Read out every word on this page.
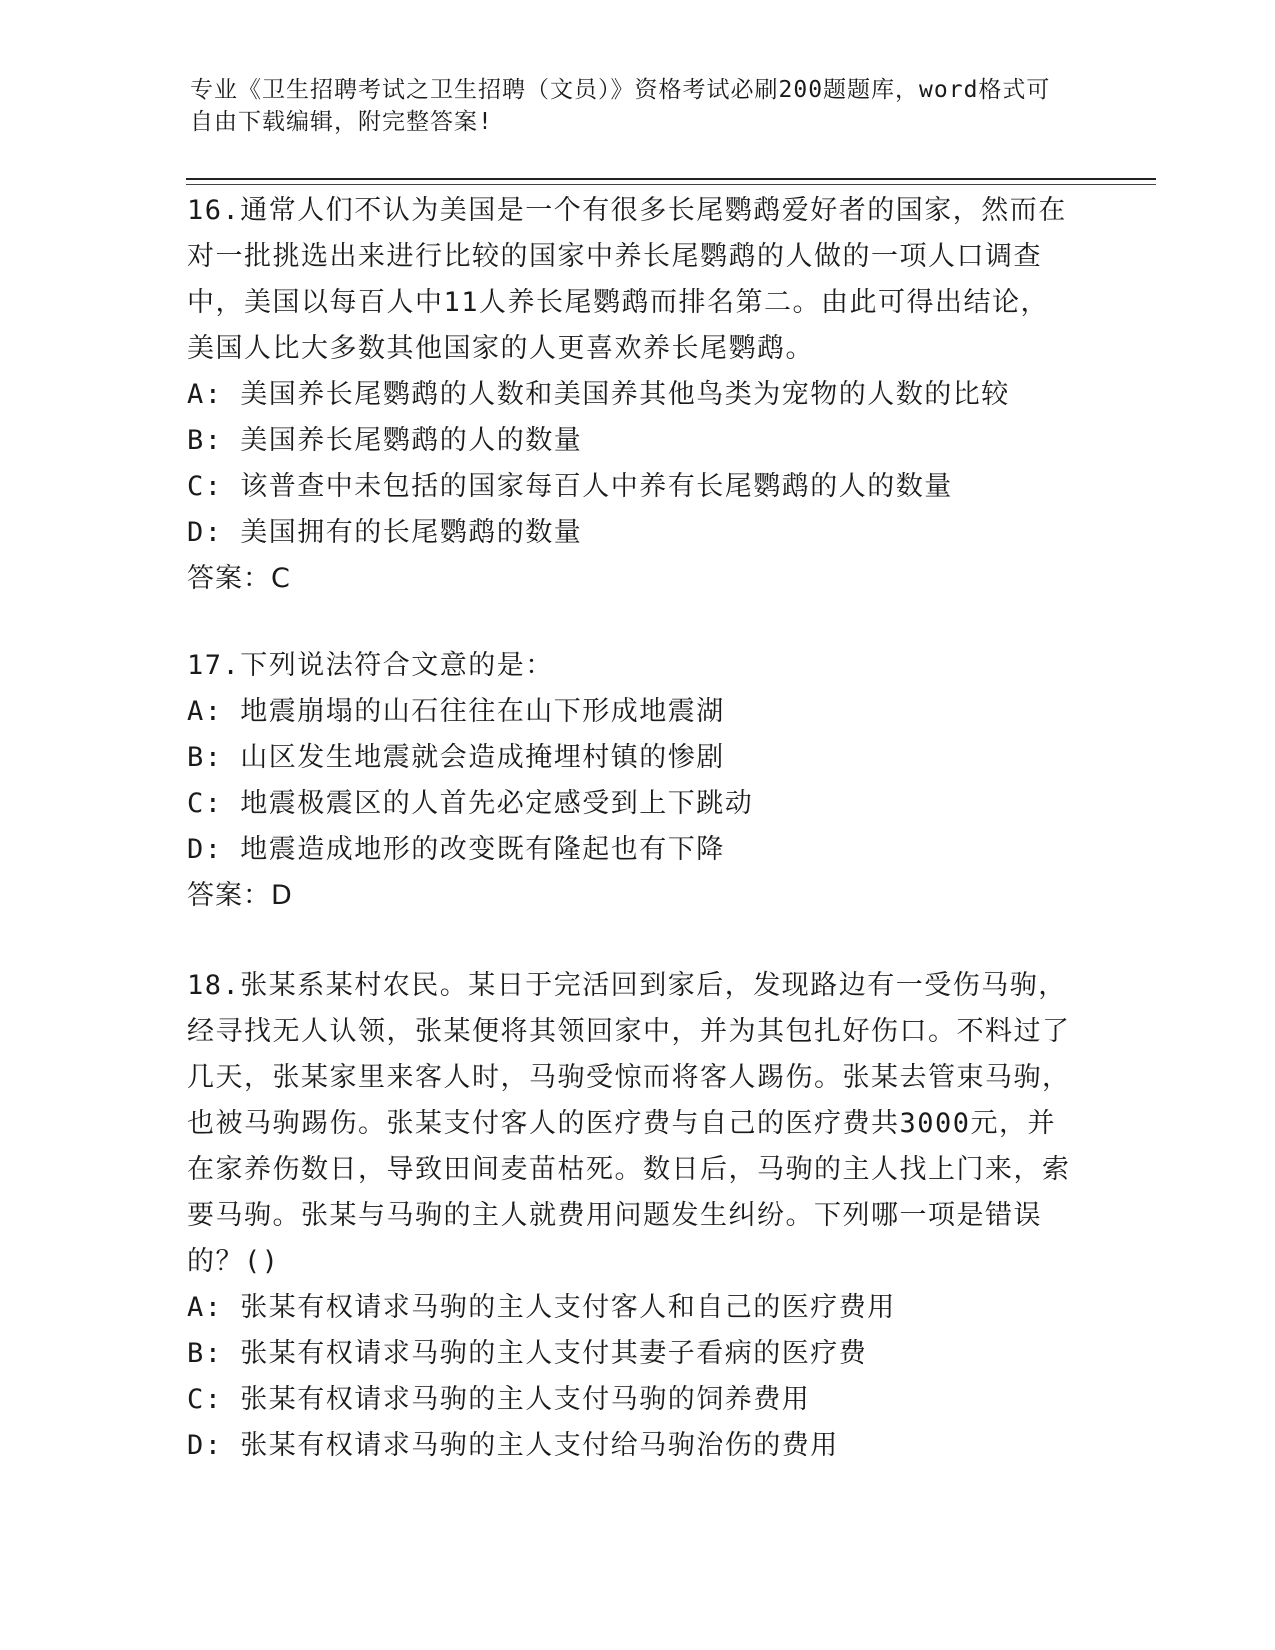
专业《卫生招聘考试之卫生招聘（文员）》资格考试必刷200题题库，word格式可自由下载编辑，附完整答案!

16.通常人们不认为美国是一个有很多长尾鹦鹉爱好者的国家，然而在对一批挑选出来进行比较的国家中养长尾鹦鹉的人做的一项人口调查中，美国以每百人中11人养长尾鹦鹉而排名第二。由此可得出结论，美国人比大多数其他国家的人更喜欢养长尾鹦鹉。

A: 美国养长尾鹦鹉的人数和美国养其他鸟类为宠物的人数的比较

B: 美国养长尾鹦鹉的人的数量

C: 该普查中未包括的国家每百人中养有长尾鹦鹉的人的数量

D: 美国拥有的长尾鹦鹉的数量

答案：C

17.下列说法符合文意的是：

A: 地震崩塌的山石往往在山下形成地震湖

B: 山区发生地震就会造成掩埋村镇的惨剧

C: 地震极震区的人首先必定感受到上下跳动

D: 地震造成地形的改变既有隆起也有下降

答案：D

18.张某系某村农民。某日于完活回到家后，发现路边有一受伤马驹，经寻找无人认领，张某便将其领回家中，并为其包扎好伤口。不料过了几天，张某家里来客人时，马驹受惊而将客人踢伤。张某去管束马驹，也被马驹踢伤。张某支付客人的医疗费与自己的医疗费共3000元，并在家养伤数日，导致田间麦苗枯死。数日后，马驹的主人找上门来，索要马驹。张某与马驹的主人就费用问题发生纠纷。下列哪一项是错误的？()

A: 张某有权请求马驹的主人支付客人和自己的医疗费用

B: 张某有权请求马驹的主人支付其妻子看病的医疗费

C: 张某有权请求马驹的主人支付马驹的饲养费用

D: 张某有权请求马驹的主人支付给马驹治伤的费用
